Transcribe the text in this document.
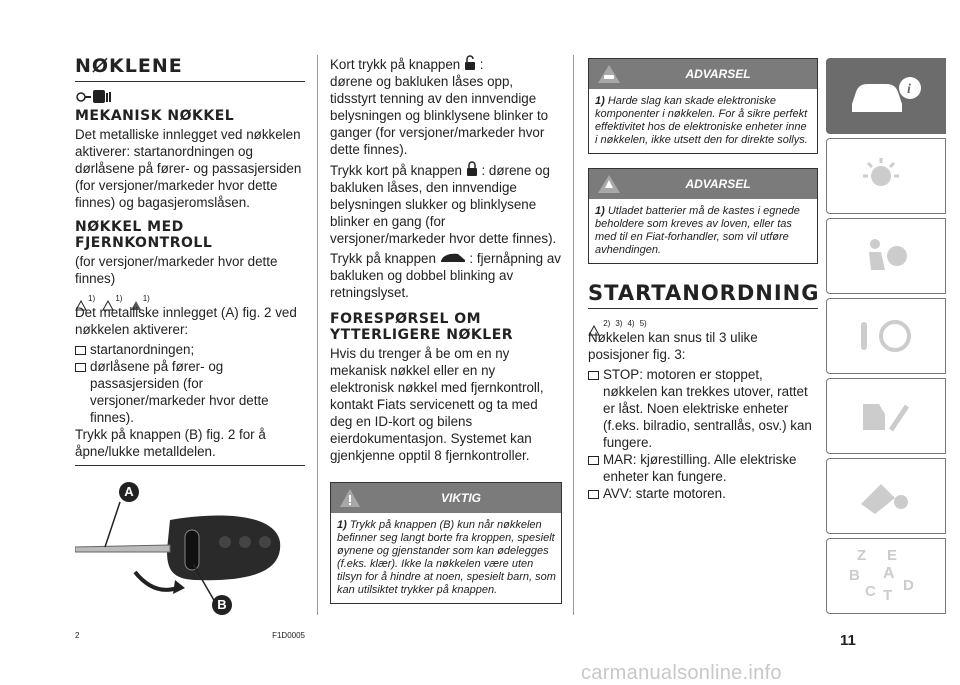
NØKLENE
MEKANISK NØKKEL

Det metalliske innlegget ved nøkkelen aktiverer: startanordningen og dørlåsene på fører- og passasjersiden (for versjoner/markeder hvor dette finnes) og bagasjeromslåsen.

NØKKEL MED FJERNKONTROLL

(for versjoner/markeder hvor dette finnes)

1)	1)	1)

Det metalliske innlegget (A) fig. 2 ved nøkkelen aktiverer:

startanordningen;
dørlåsene på fører- og passasjersiden (for versjoner/markeder hvor dette finnes).

Trykk på knappen (B) fig. 2 for å åpne/lukke metalldelen.

A
B
2	F1D0005

Kort trykk på knappen :
dørene og bakluken låses opp, tidsstyrt tenning av den innvendige belysningen og blinklysene blinker to ganger (for versjoner/markeder hvor dette finnes).

Trykk kort på knappen : dørene og bakluken låses, den innvendige belysningen slukker og blinklysene blinker en gang (for versjoner/markeder hvor dette finnes).

Trykk på knappen : fjernåpning av bakluken og dobbel blinking av retningslyset.

FORESPØRSEL OM YTTERLIGERE NØKLER

Hvis du trenger å be om en ny mekanisk nøkkel eller en ny elektronisk nøkkel med fjernkontroll, kontakt Fiats servicenett og ta med deg en ID-kort og bilens eierdokumentasjon. Systemet kan gjenkjenne opptil 8 fjernkontroller.

VIKTIG
1) Trykk på knappen (B) kun når nøkkelen befinner seg langt borte fra kroppen, spesielt øynene og gjenstander som kan ødelegges (f.eks. klær). Ikke la nøkkelen være uten tilsyn for å hindre at noen, spesielt barn, som kan utilsiktet trykker på knappen.
ADVARSEL
1) Harde slag kan skade elektroniske komponenter i nøkkelen. For å sikre perfekt effektivitet hos de elektroniske enheter inne i nøkkelen, ikke utsett den for direkte sollys.
ADVARSEL
1) Utladet batterier må de kastes i egnede beholdere som kreves av loven, eller tas med til en Fiat-forhandler, som vil utføre avhendingen.
STARTANORDNING
2) 3) 4) 5)

Nøkkelen kan snus til 3 ulike posisjoner fig. 3:

STOP: motoren er stoppet, nøkkelen kan trekkes utover, rattet er låst. Noen elektriske enheter (f.eks. bilradio, sentrallås, osv.) kan fungere.
MAR: kjørestilling. Alle elektriske enheter kan fungere.
AVV: starte motoren.
i
Z E
B A
D
C T
11
carmanualsonline.info
